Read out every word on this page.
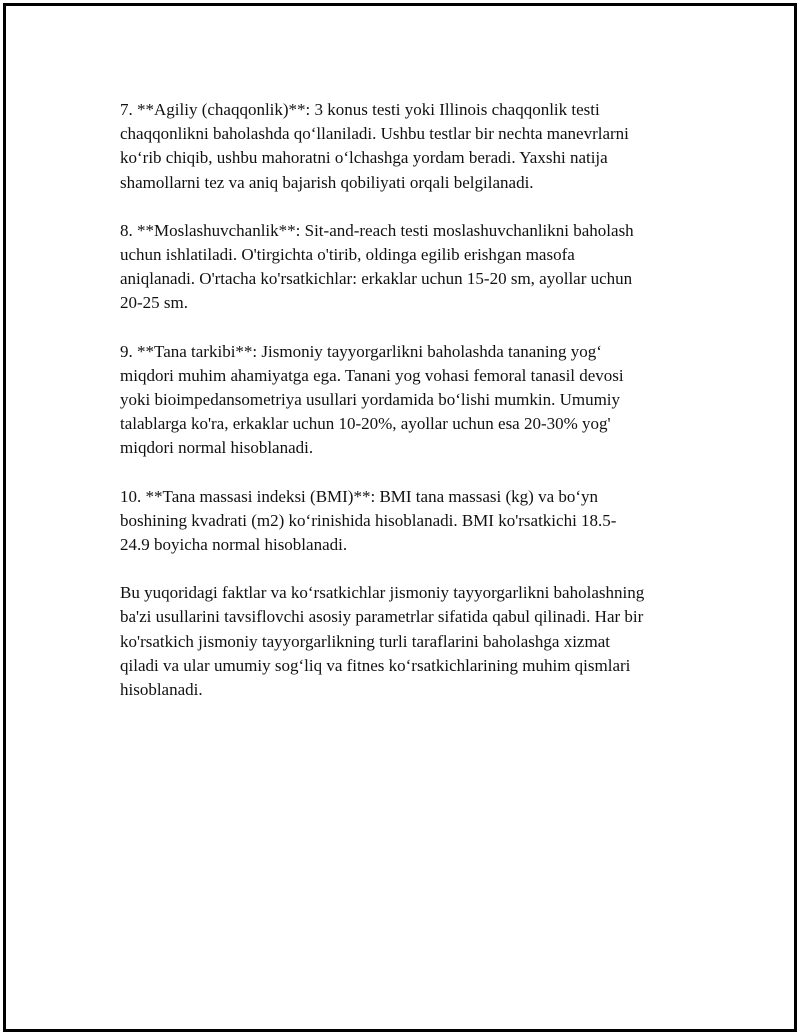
7. **Agiliy (chaqqonlik)**: 3 konus testi yoki Illinois chaqqonlik testi
chaqqonlikni baholashda qo‘llaniladi. Ushbu testlar bir nechta manevrlarni
ko‘rib chiqib, ushbu mahoratni o‘lchashga yordam beradi. Yaxshi natija
shamollarni tez va aniq bajarish qobiliyati orqali belgilanadi.

8. **Moslashuvchanlik**: Sit-and-reach testi moslashuvchanlikni baholash
uchun ishlatiladi. O'tirgichta o'tirib, oldinga egilib erishgan masofa
aniqlanadi. O'rtacha ko'rsatkichlar: erkaklar uchun 15-20 sm, ayollar uchun
20-25 sm.

9. **Tana tarkibi**: Jismoniy tayyorgarlikni baholashda tananing yog‘
miqdori muhim ahamiyatga ega. Tanani yog vohasi femoral tanasil devosi
yoki bioimpedansometriya usullari yordamida bo‘lishi mumkin. Umumiy
talablarga ko'ra, erkaklar uchun 10-20%, ayollar uchun esa 20-30% yog'
miqdori normal hisoblanadi.

10. **Tana massasi indeksi (BMI)**: BMI tana massasi (kg) va bo‘yn
boshining kvadrati (m2) ko‘rinishida hisoblanadi. BMI ko'rsatkichi 18.5-
24.9 boyicha normal hisoblanadi.

Bu yuqoridagi faktlar va ko‘rsatkichlar jismoniy tayyorgarlikni baholashning
ba'zi usullarini tavsiflovchi asosiy parametrlar sifatida qabul qilinadi. Har bir
ko'rsatkich jismoniy tayyorgarlikning turli taraflarini baholashga xizmat
qiladi va ular umumiy sog‘liq va fitnes ko‘rsatkichlarining muhim qismlari
hisoblanadi.
